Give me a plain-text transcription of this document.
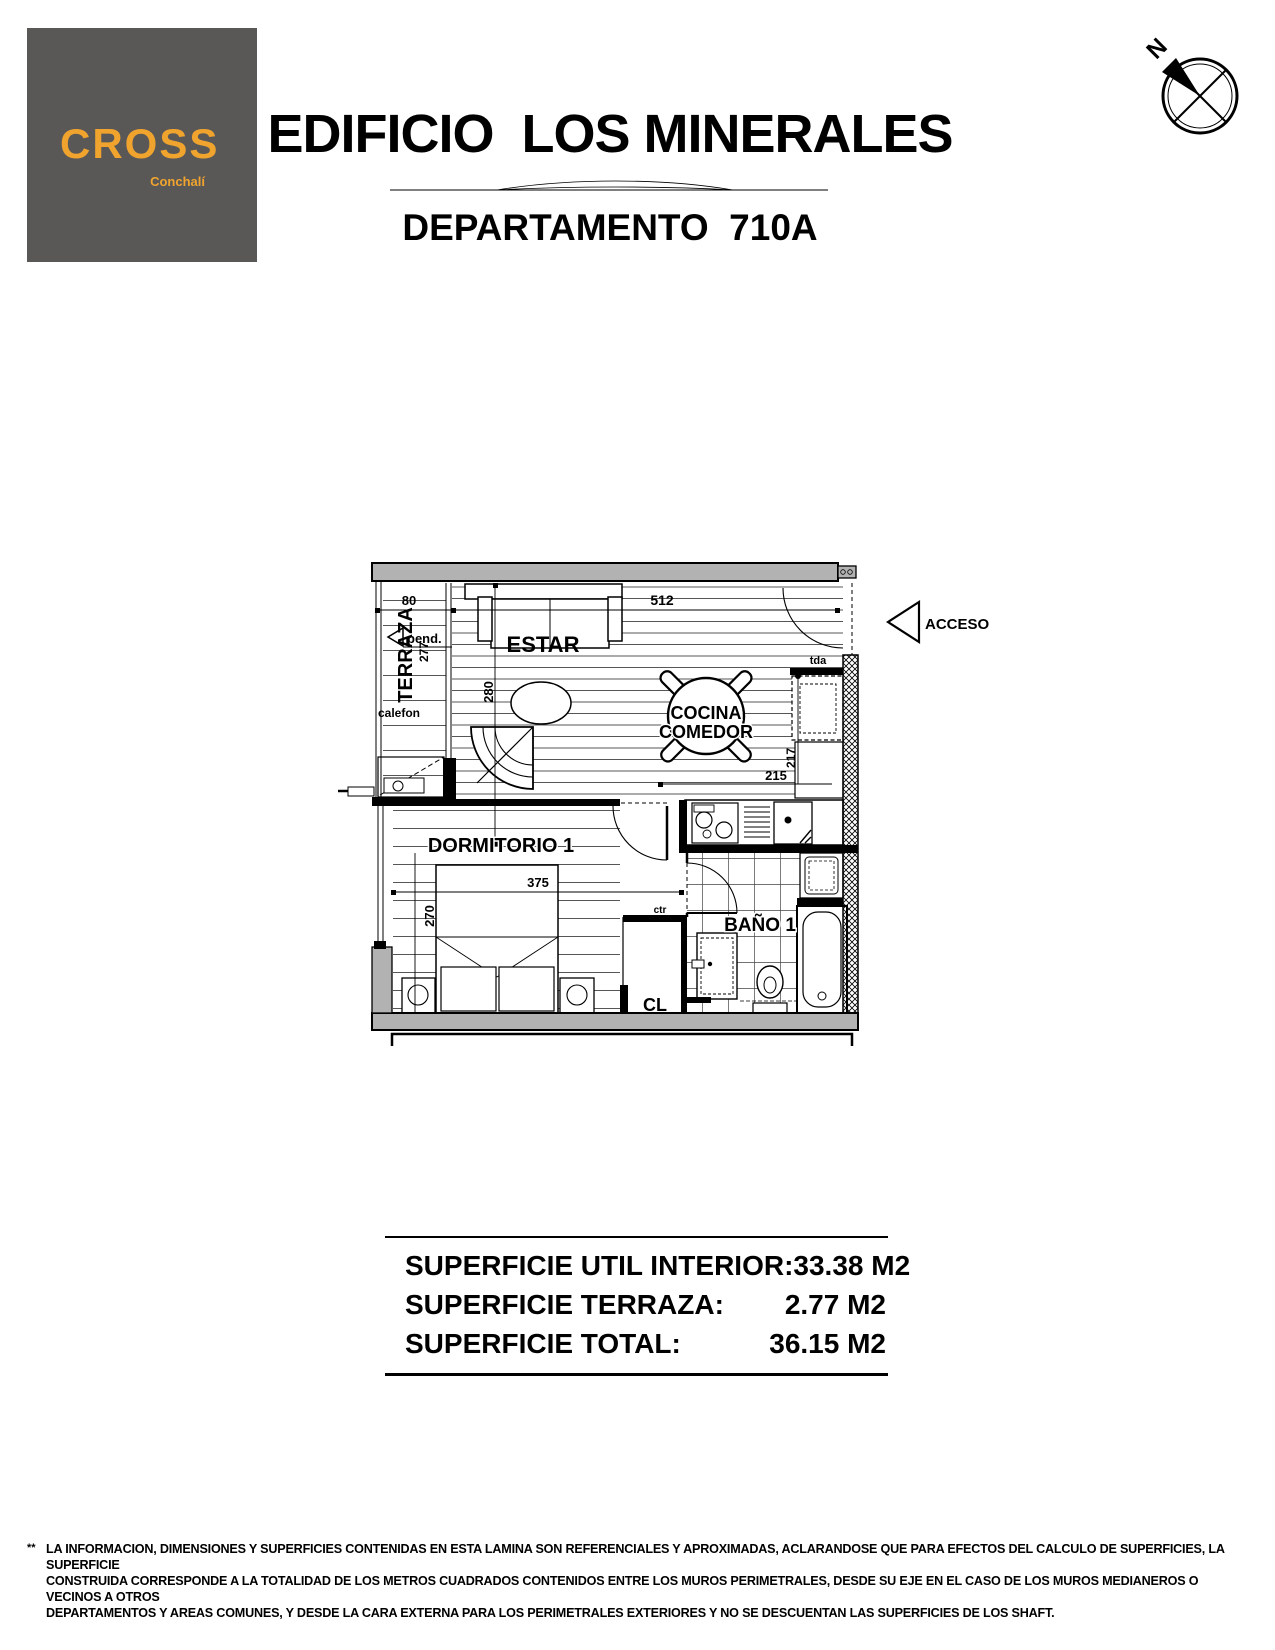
CROSS
Conchalí
EDIFICIO  LOS MINERALES
DEPARTAMENTO  710A
N
TERRAZA 277	ESTAR
COCINA
COMEDOR
DORMITORIO 1
BAÑO 1
CL
ACCESO
pend.
calefon
tda
ctr
80	512
280
217
215
375
270
SUPERFICIE UTIL INTERIOR: 33.38 M2
SUPERFICIE TERRAZA: 2.77 M2
SUPERFICIE TOTAL:	36.15 M2
** LA INFORMACION, DIMENSIONES Y SUPERFICIES CONTENIDAS EN ESTA LAMINA SON REFERENCIALES Y APROXIMADAS, ACLARANDOSE QUE PARA EFECTOS DEL CALCULO DE SUPERFICIES, LA SUPERFICIE
CONSTRUIDA CORRESPONDE A LA TOTALIDAD DE LOS METROS CUADRADOS CONTENIDOS ENTRE LOS MUROS PERIMETRALES, DESDE SU EJE EN EL CASO DE LOS MUROS MEDIANEROS O VECINOS A OTROS
DEPARTAMENTOS Y AREAS COMUNES, Y DESDE LA CARA EXTERNA PARA LOS PERIMETRALES EXTERIORES Y NO SE DESCUENTAN LAS SUPERFICIES DE LOS SHAFT.
